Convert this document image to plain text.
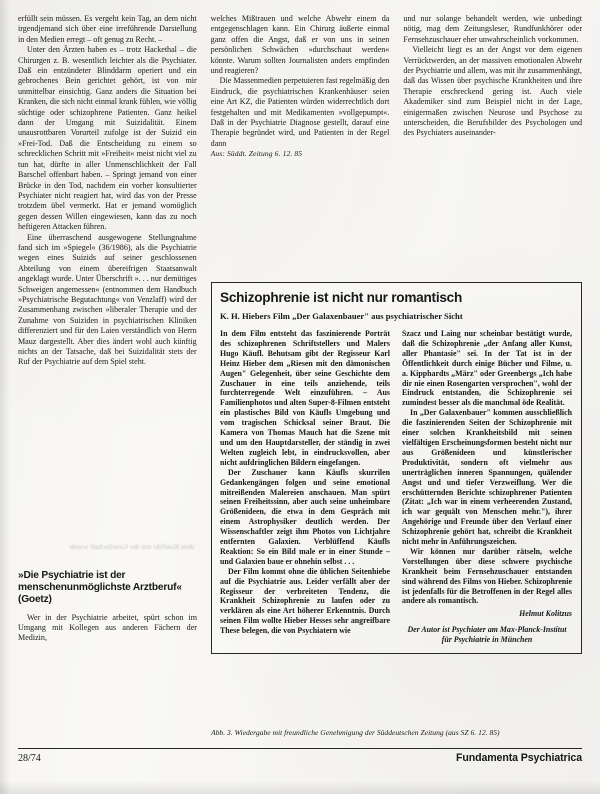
erfüllt sein müssen. Es vergeht kein Tag, an dem nicht irgendjemand sich über eine irreführende Darstellung in den Medien erregt – oft genug zu Recht. –

Unter den Ärzten haben es – trotz Hackethal – die Chirurgen z. B. wesentlich leichter als die Psychiater. Daß ein entzündeter Blinddarm operiert und ein gebrochenes Bein gerichtet gehört, ist von mir unmittelbar einsichtig. Ganz anders die Situation bei Kranken, die sich nicht einmal krank fühlen, wie völlig süchtige oder schizophrene Patienten. Ganz heikel dann der Umgang mit Suizidalität. Einem unausrottbaren Vorurteil zufolge ist der Suizid ein »Frei-Tod. Daß die Entscheidung zu einem so schrecklichen Schritt mit »Freiheit« meist nicht viel zu tun hat, dürfte in aller Unmenschlichkeit der Fall Barschel offenbart haben. – Springt jemand von einer Brücke in den Tod, nachdem ein vorher konsultierter Psychiater nicht reagiert hat, wird das von der Presse trotzdem übel vermerkt. Hat er jemand womöglich gegen dessen Willen eingewiesen, kann das zu noch heftigeren Attacken führen.

Eine überraschend ausgewogene Stellungnahme fand sich im »Spiegel« (36/1986), als die Psychiatrie wegen eines Suizids auf seiner geschlossenen Abteilung von einem übereifrigen Staatsanwalt angeklagt wurde. Unter Überschrift ». . . nur demütiges Schweigen angemessen« (entnommen dem Handbuch »Psychiatrische Begutachtung« von Venzlaff) wird der Zusammenhang zwischen »liberaler Therapie und der Zunahme von Suiziden in psychiatrischen Kliniken differenziert und für den Laien verständlich von Herrn Mauz dargestellt. Aber dies ändert wohl auch künftig nichts an der Tatsache, daß bei Suizidalität stets der Ruf der Psychiatrie auf dem Spiel steht.

welches Mißtrauen und welche Abwehr einem da entgegenschlagen kann. Ein Chirurg äußerte einmal ganz offen die Angst, daß er von uns in seinen persönlichen Schwächen »durchschaut werden« könnte. Warum sollten Journalisten anders empfinden und reagieren?

Die Massenmedien perpetuieren fast regelmäßig den Eindruck, die psychiatrischen Krankenhäuser seien eine Art KZ, die Patienten würden widerrechtlich dort festgehalten und mit Medikamenten »vollgepumpt«. Daß in der Psychiatrie Diagnose gestellt, darauf eine Therapie begründet wird, und Patienten in der Regel dann

Aus: Süddt. Zeitung 6. 12. 85

und nur solange behandelt werden, wie unbedingt nötig, mag dem Zeitungsleser, Rundfunkhörer oder Fernsehzuschauer eher unwahrscheinlich vorkommen.

Vielleicht liegt es an der Angst vor dem eigenen Verrücktwerden, an der massiven emotionalen Abwehr der Psychiatrie und allem, was mit ihr zusammenhängt, daß das Wissen über psychische Krankheiten und ihre Therapie erschreckend gering ist. Auch viele Akademiker sind zum Beispiel nicht in der Lage, einigermaßen zwischen Neurose und Psychose zu unterscheiden, die Berufsbilder des Psychologen und des Psychiaters auseinander-

dem Konflikt mit der Gesellschaft wurde
»Die Psychiatrie ist der menschenunmöglichste Arztberuf« (Goetz)

Wer in der Psychiatrie arbeitet, spürt schon im Umgang mit Kollegen aus anderen Fächern der Medizin,

Schizophrenie ist nicht nur romantisch
K. H. Hiebers Film „Der Galaxenbauer" aus psychiatrischer Sicht

In dem Film entsteht das faszinierende Porträt des schizophrenen Schriftstellers und Malers Hugo Käufl. Behutsam gibt der Regisseur Karl Heinz Hieber dem „Riesen mit den dämonischen Augen" Gelegenheit, über seine Geschichte dem Zuschauer in eine teils anziehende, teils furchterregende Welt einzuführen. – Aus Familienphotos und alten Super-8-Filmen entsteht ein plastisches Bild von Käufls Umgebung und vom tragischen Schicksal seiner Braut. Die Kamera von Thomas Mauch hat die Szene mit und um den Hauptdarsteller, der ständig in zwei Welten zugleich lebt, in eindrucksvollen, aber nicht aufdringlichen Bildern eingefangen.

Der Zuschauer kann Käufls skurrilen Gedankengängen folgen und seine emotional mitreißenden Malereien anschauen. Man spürt seinen Freiheitssinn, aber auch seine unheimbare Größenideen, die etwa in dem Gespräch mit einem Astrophysiker deutlich werden. Der Wissenschaftler zeigt ihm Photos von Lichtjahre entfernten Galaxien. Verblüffend Käufls Reaktion: So ein Bild male er in einer Stunde – und Galaxien baue er ohnehin selbst . . .

Der Film kommt ohne die üblichen Seitenhiebe auf die Psychiatrie aus. Leider verfällt aber der Regisseur der verbreiteten Tendenz, die Krankheit Schizophrenie zu laufen oder zu verklären als eine Art höherer Erkenntnis. Durch seinen Film wollte Hieber Hesses sehr angreifbare These belegen, die von Psychiatern wie

Szacz und Laing nur scheinbar bestätigt wurde, daß die Schizophrenie „der Anfang aller Kunst, aller Phantasie" sei. In der Tat ist in der Öffentlichkeit durch einige Bücher und Filme, u. a. Kipphardts „März" oder Greenbergs „Ich habe dir nie einen Rosengarten versprochen", wohl der Eindruck entstanden, die Schizophrenie sei zumindest besser als die manchmal öde Realität.

In „Der Galaxenbauer" kommen ausschließlich die faszinierenden Seiten der Schizophrenie mit einer solchen Krankheitsbild mit seinen vielfältigen Erscheinungsformen besteht nicht nur aus Größenideen und künstlerischer Produktivität, sondern oft vielmehr aus unerträglichen inneren Spannungen, quälender Angst und und tiefer Verzweiflung. Wer die erschütternden Berichte schizophrener Patienten (Zitat: „Ich war in einem verheerenden Zustand, ich war gequält von Menschen mehr."), ihrer Angehörige und Freunde über den Verlauf einer Schizophrenie gehört hat, schreibt die Krankheit nicht mehr in Anführungszeichen.

Wir können nur darüber rätseln, welche Vorstellungen über diese schwere psychische Krankheit beim Fernsehzuschauer entstanden sind während des Films von Hieber. Schizophrenie ist jedenfalls für die Betroffenen in der Regel alles andere als romantisch.

Helmut Kolitzus

Der Autor ist Psychiater am Max-Planck-Institut für Psychiatrie in München

Abb. 3. Wiedergabe mit freundliche Genehmigung der Süddeutschen Zeitung (aus SZ 6. 12. 85)
28/74	Fundamenta Psychiatrica
